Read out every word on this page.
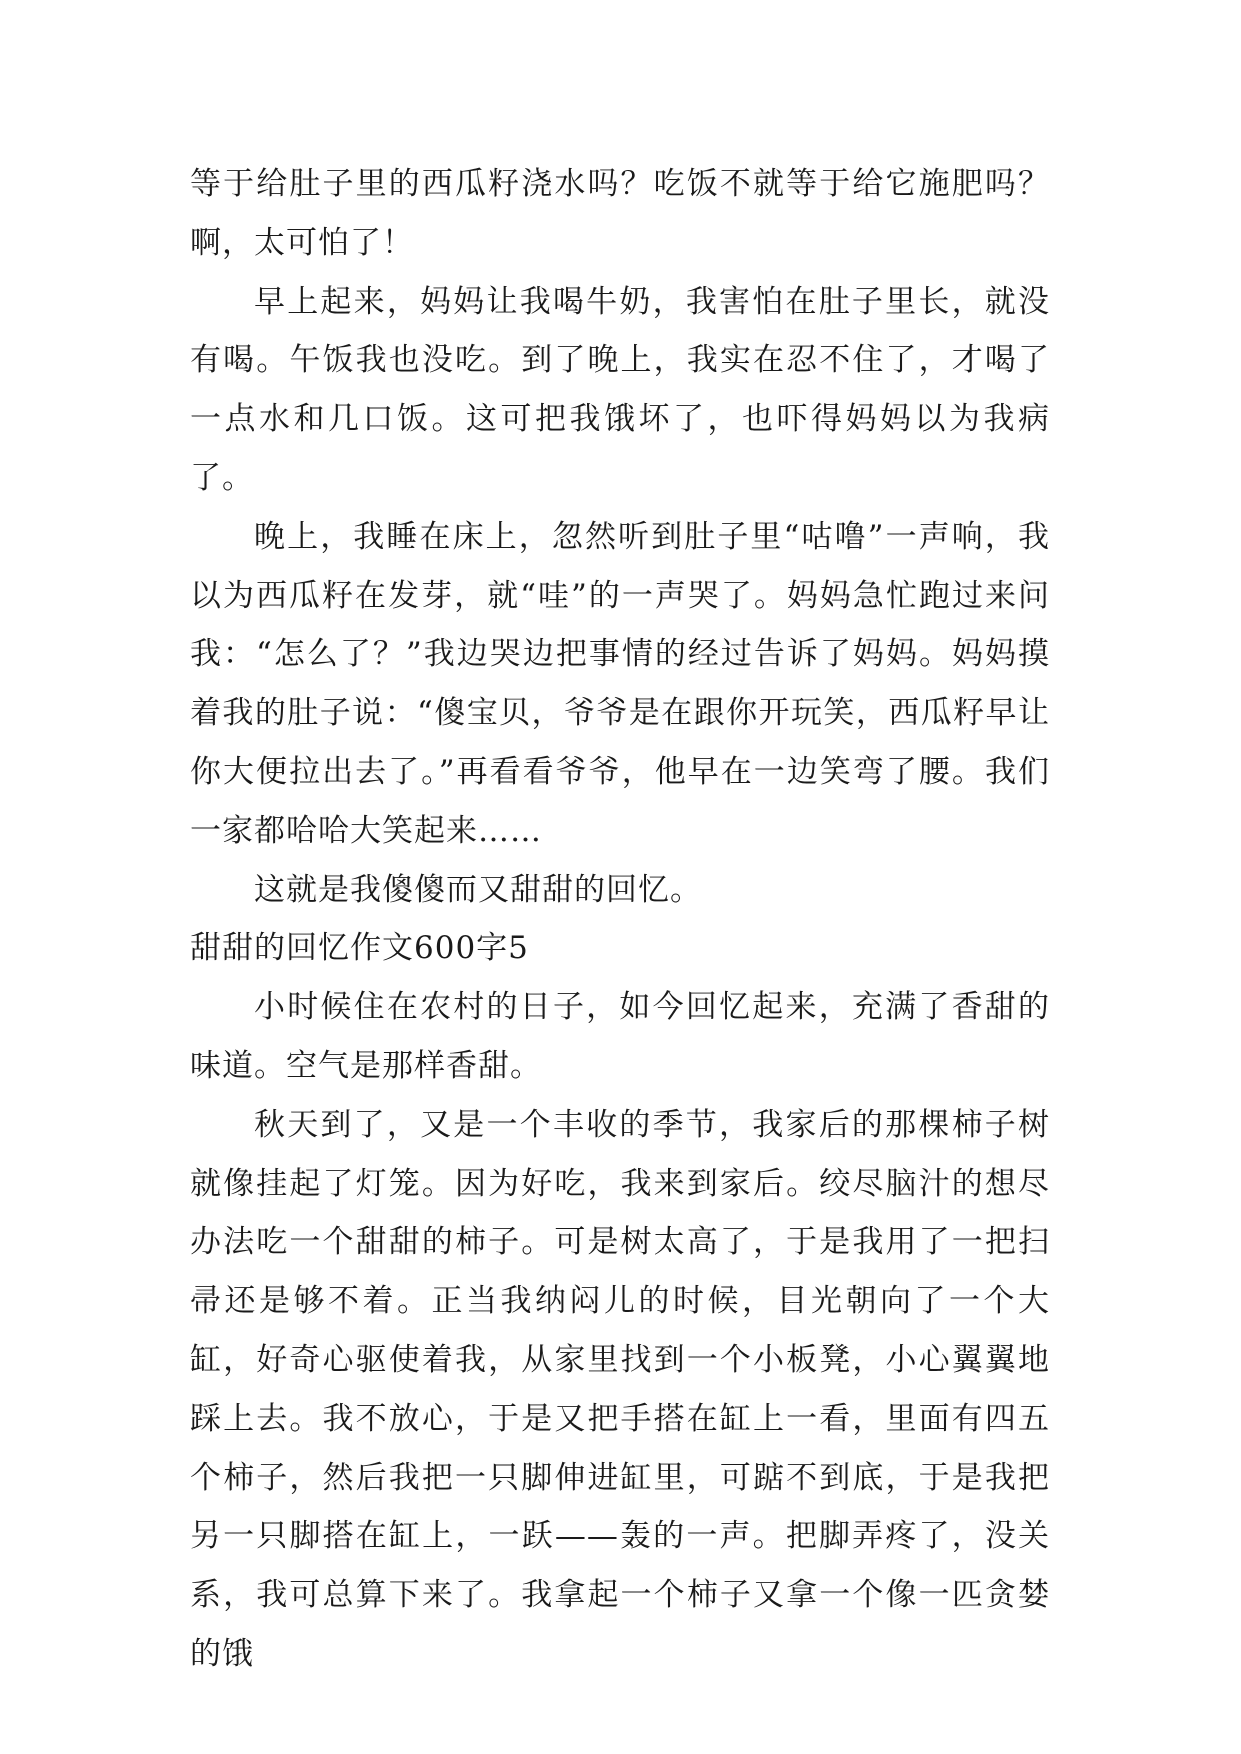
等于给肚子里的西瓜籽浇水吗？吃饭不就等于给它施肥吗？啊，太可怕了！

早上起来，妈妈让我喝牛奶，我害怕在肚子里长，就没有喝。午饭我也没吃。到了晚上，我实在忍不住了，才喝了一点水和几口饭。这可把我饿坏了，也吓得妈妈以为我病了。

晚上，我睡在床上，忽然听到肚子里“咕噜”一声响，我以为西瓜籽在发芽，就“哇”的一声哭了。妈妈急忙跑过来问我：“怎么了？”我边哭边把事情的经过告诉了妈妈。妈妈摸着我的肚子说：“傻宝贝，爷爷是在跟你开玩笑，西瓜籽早让你大便拉出去了。”再看看爷爷，他早在一边笑弯了腰。我们一家都哈哈大笑起来……

这就是我傻傻而又甜甜的回忆。

甜甜的回忆作文600字5

小时候住在农村的日子，如今回忆起来，充满了香甜的味道。空气是那样香甜。

秋天到了，又是一个丰收的季节，我家后的那棵柿子树就像挂起了灯笼。因为好吃，我来到家后。绞尽脑汁的想尽办法吃一个甜甜的柿子。可是树太高了，于是我用了一把扫帚还是够不着。正当我纳闷儿的时候，目光朝向了一个大缸，好奇心驱使着我，从家里找到一个小板凳，小心翼翼地踩上去。我不放心，于是又把手搭在缸上一看，里面有四五个柿子，然后我把一只脚伸进缸里，可踮不到底，于是我把另一只脚搭在缸上，一跃——轰的一声。把脚弄疼了，没关系，我可总算下来了。我拿起一个柿子又拿一个像一匹贪婪的饿
